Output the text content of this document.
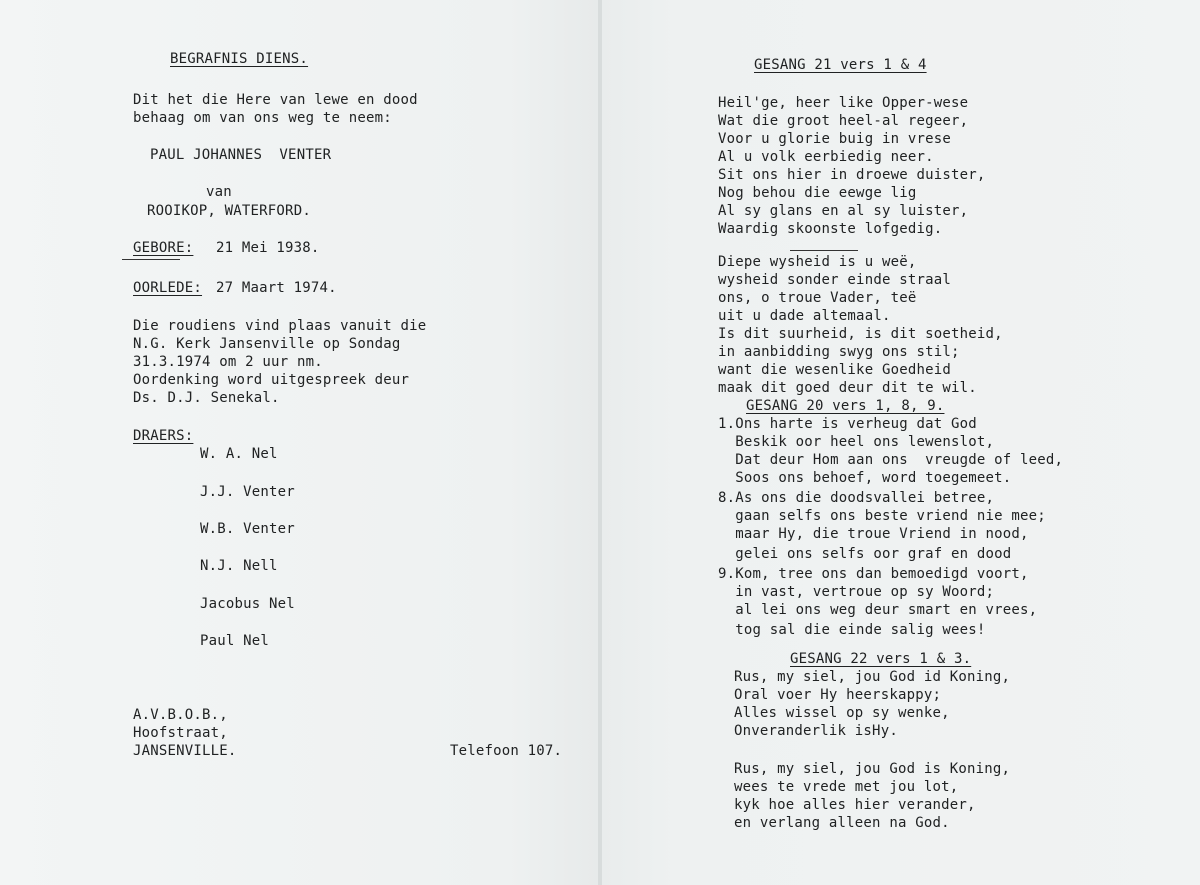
BEGRAFNIS DIENS.
Dit het die Here van lewe en dood
behaag om van ons weg te neem:
PAUL JOHANNES  VENTER
van
ROOIKOP, WATERFORD.
GEBORE: 21 Mei 1938.
OORLEDE: 27 Maart 1974.
Die roudiens vind plaas vanuit die
N.G. Kerk Jansenville op Sondag
31.3.1974 om 2 uur nm.
Oordenking word uitgespreek deur
Ds. D.J. Senekal.
DRAERS:
W. A. Nel
J.J. Venter
W.B. Venter
N.J. Nell
Jacobus Nel
Paul Nel
A.V.B.O.B.,
Hoofstraat,
JANSENVILLE.	Telefoon 107.
GESANG 21 vers 1 & 4
Heil'ge, heer like Opper-wese
Wat die groot heel-al regeer,
Voor u glorie buig in vrese
Al u volk eerbiedig neer.
Sit ons hier in droewe duister,
Nog behou die eewge lig
Al sy glans en al sy luister,
Waardig skoonste lofgedig.
Diepe wysheid is u weë,
wysheid sonder einde straal
ons, o troue Vader, teë
uit u dade altemaal.
Is dit suurheid, is dit soetheid,
in aanbidding swyg ons stil;
want die wesenlike Goedheid
maak dit goed deur dit te wil.
GESANG 20 vers 1, 8, 9.
1.Ons harte is verheug dat God
Beskik oor heel ons lewenslot,
Dat deur Hom aan ons  vreugde of leed,
Soos ons behoef, word toegemeet.
8.As ons die doodsvallei betree,
gaan selfs ons beste vriend nie mee;
maar Hy, die troue Vriend in nood,
gelei ons selfs oor graf en dood
9.Kom, tree ons dan bemoedigd voort,
in vast, vertroue op sy Woord;
al lei ons weg deur smart en vrees,
tog sal die einde salig wees!
GESANG 22 vers 1 & 3.
Rus, my siel, jou God id Koning,
Oral voer Hy heerskappy;
Alles wissel op sy wenke,
Onveranderlik isHy.
Rus, my siel, jou God is Koning,
wees te vrede met jou lot,
kyk hoe alles hier verander,
en verlang alleen na God.
